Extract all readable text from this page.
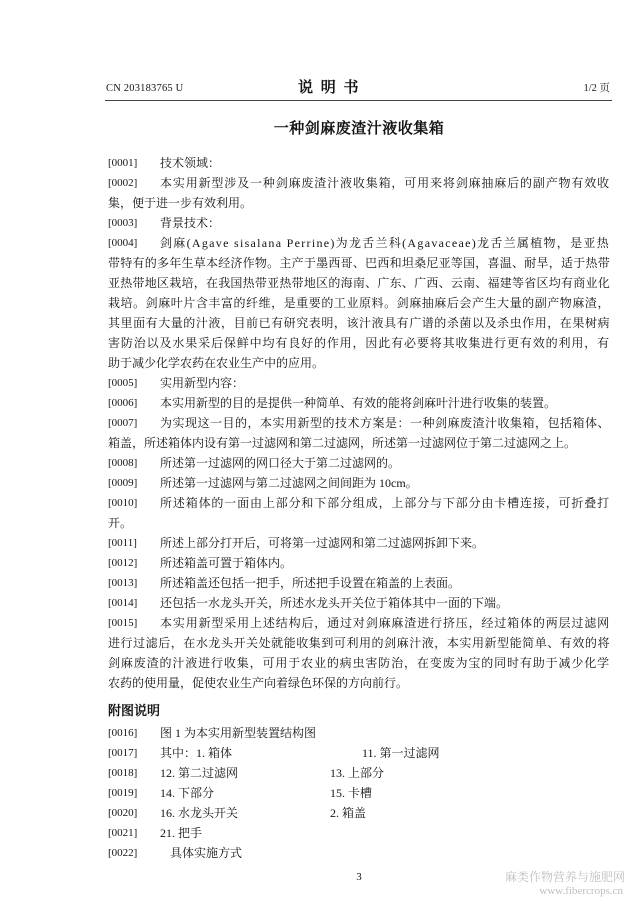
CN 203183765 U	说 明 书	1/2 页
一种剑麻废渣汁液收集箱
[0001] 技术领域：
[0002] 本实用新型涉及一种剑麻废渣汁液收集箱，可用来将剑麻抽麻后的副产物有效收
集，便于进一步有效利用。
[0003] 背景技术：
[0004] 剑麻(Agave sisalana Perrine)为龙舌兰科(Agavaceae)龙舌兰属植物，是亚热
带特有的多年生草本经济作物。主产于墨西哥、巴西和坦桑尼亚等国，喜温、耐旱，适于热带
亚热带地区栽培，在我国热带亚热带地区的海南、广东、广西、云南、福建等省区均有商业化
栽培。剑麻叶片含丰富的纤维，是重要的工业原料。剑麻抽麻后会产生大量的副产物麻渣，
其里面有大量的汁液，目前已有研究表明，该汁液具有广谱的杀菌以及杀虫作用，在果树病
害防治以及水果采后保鲜中均有良好的作用，因此有必要将其收集进行更有效的利用，有
助于减少化学农药在农业生产中的应用。
[0005] 实用新型内容：
[0006] 本实用新型的目的是提供一种简单、有效的能将剑麻叶汁进行收集的装置。
[0007] 为实现这一目的，本实用新型的技术方案是：一种剑麻废渣汁收集箱，包括箱体、
箱盖，所述箱体内设有第一过滤网和第二过滤网，所述第一过滤网位于第二过滤网之上。
[0008] 所述第一过滤网的网口径大于第二过滤网的。
[0009] 所述第一过滤网与第二过滤网之间间距为 10cm。
[0010] 所述箱体的一面由上部分和下部分组成，上部分与下部分由卡槽连接，可折叠打
开。
[0011] 所述上部分打开后，可将第一过滤网和第二过滤网拆卸下来。
[0012] 所述箱盖可置于箱体内。
[0013] 所述箱盖还包括一把手，所述把手设置在箱盖的上表面。
[0014] 还包括一水龙头开关，所述水龙头开关位于箱体其中一面的下端。
[0015] 本实用新型采用上述结构后，通过对剑麻麻渣进行挤压，经过箱体的两层过滤网
进行过滤后，在水龙头开关处就能收集到可利用的剑麻汁液，本实用新型能简单、有效的将
剑麻废渣的汁液进行收集，可用于农业的病虫害防治，在变废为宝的同时有助于减少化学
农药的使用量，促使农业生产向着绿色环保的方向前行。
附图说明
[0016] 图 1 为本实用新型装置结构图
[0017] 其中：1. 箱体	11. 第一过滤网
[0018] 12. 第二过滤网	13. 上部分
[0019] 14. 下部分	15. 卡槽
[0020] 16. 水龙头开关	2. 箱盖
[0021] 21. 把手
[0022]	具体实施方式
3	麻类作物营养与施肥网
www.fibercrops.cn
